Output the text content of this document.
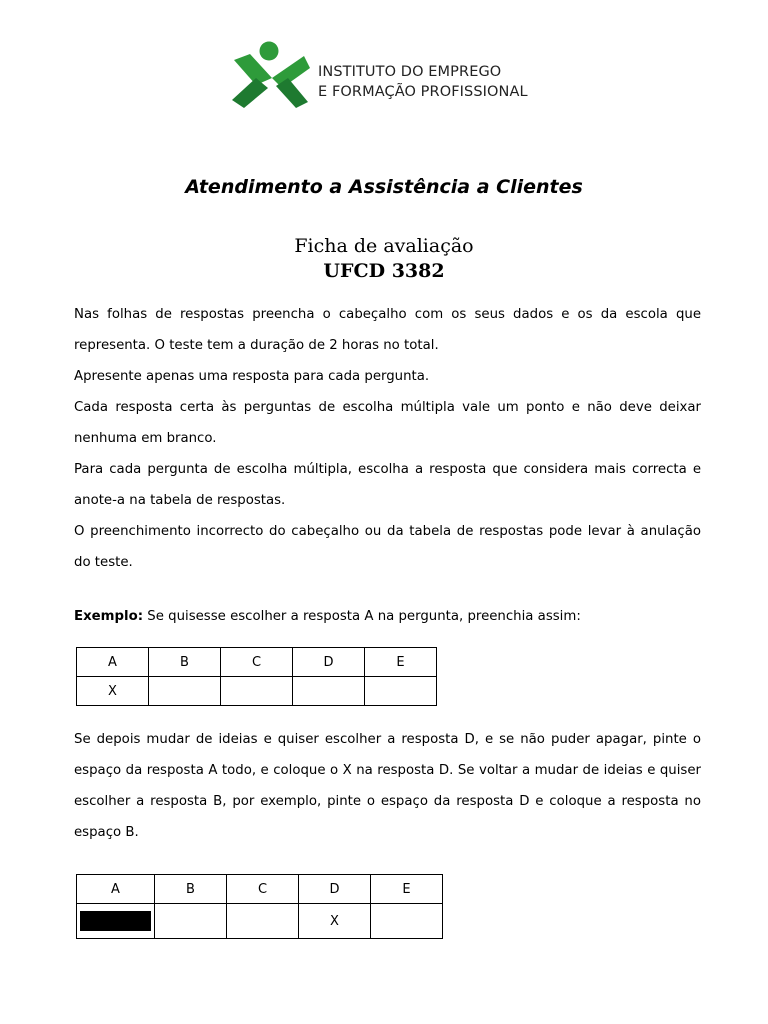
INSTITUTO DO EMPREGO
E FORMAÇÃO PROFISSIONAL
Atendimento a Assistência a Clientes
Ficha de avaliação
UFCD 3382

Nas folhas de respostas preencha o cabeçalho com os seus dados e os da escola que representa. O teste tem a duração de 2 horas no total.

Apresente apenas uma resposta para cada pergunta.

Cada resposta certa às perguntas de escolha múltipla vale um ponto e não deve deixar nenhuma em branco.

Para cada pergunta de escolha múltipla, escolha a resposta que considera mais correcta e anote-a na tabela de respostas.

O preenchimento incorrecto do cabeçalho ou da tabela de respostas pode levar à anulação do teste.

Exemplo: Se quisesse escolher a resposta A na pergunta, preenchia assim:

A	B	C	D	E
X				

Se depois mudar de ideias e quiser escolher a resposta D, e se não puder apagar, pinte o espaço da resposta A todo, e coloque o X na resposta D. Se voltar a mudar de ideias e quiser escolher a resposta B, por exemplo, pinte o espaço da resposta D e coloque a resposta no espaço B.

A	B	C	D	E

			X	
